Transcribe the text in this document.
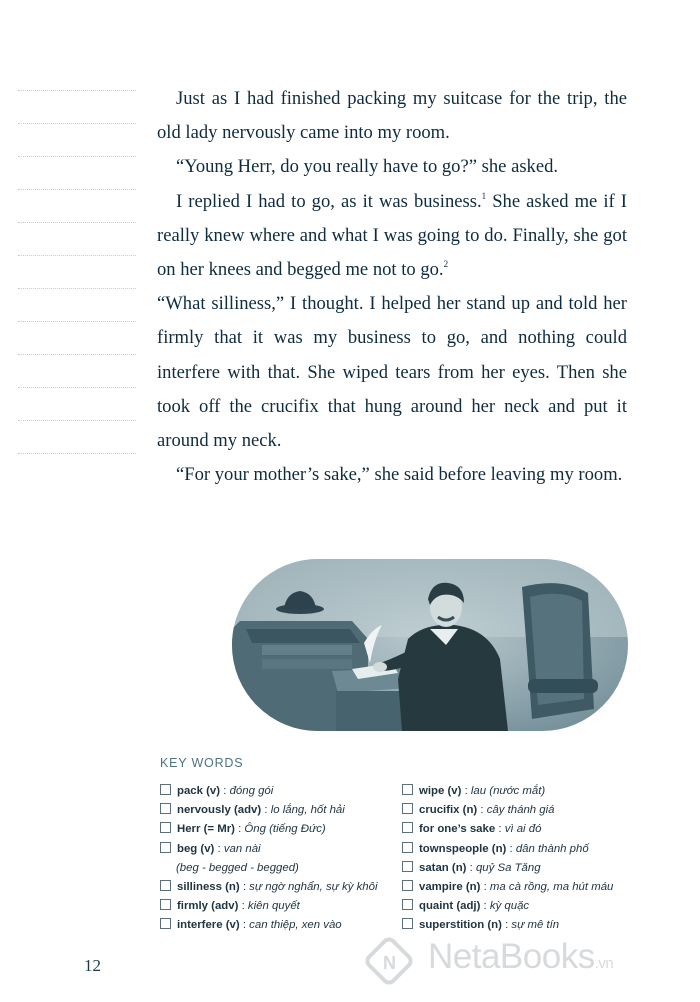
Just as I had finished packing my suitcase for the trip, the old lady nervously came into my room.

“Young Herr, do you really have to go?” she asked.

I replied I had to go, as it was business.$^1$ She asked me if I really knew where and what I was going to do. Finally, she got on her knees and begged me not to go.$^2$

“What silliness,” I thought. I helped her stand up and told her firmly that it was my business to go, and nothing could interfere with that. She wiped tears from her eyes. Then she took off the crucifix that hung around her neck and put it around my neck.

“For your mother’s sake,” she said before leaving my room.

KEY WORDS
pack (v) : đóng gói
nervously (adv) : lo lắng, hốt hải
Herr (= Mr) : Ông (tiếng Đức)
beg (v) : van nài
(beg - begged - begged)
silliness (n) : sự ngờ nghẩn, sự kỳ khôi
firmly (adv) : kiên quyết
interfere (v) : can thiệp, xen vào
wipe (v) : lau (nước mắt)
crucifix (n) : cây thánh giá
for one’s sake : vì ai đó
townspeople (n) : dân thành phố
satan (n) : quỷ Sa Tăng
vampire (n) : ma cà rồng, ma hút máu
quaint (adj) : kỳ quặc
superstition (n) : sự mê tín
12	N NetaBooks.vn
